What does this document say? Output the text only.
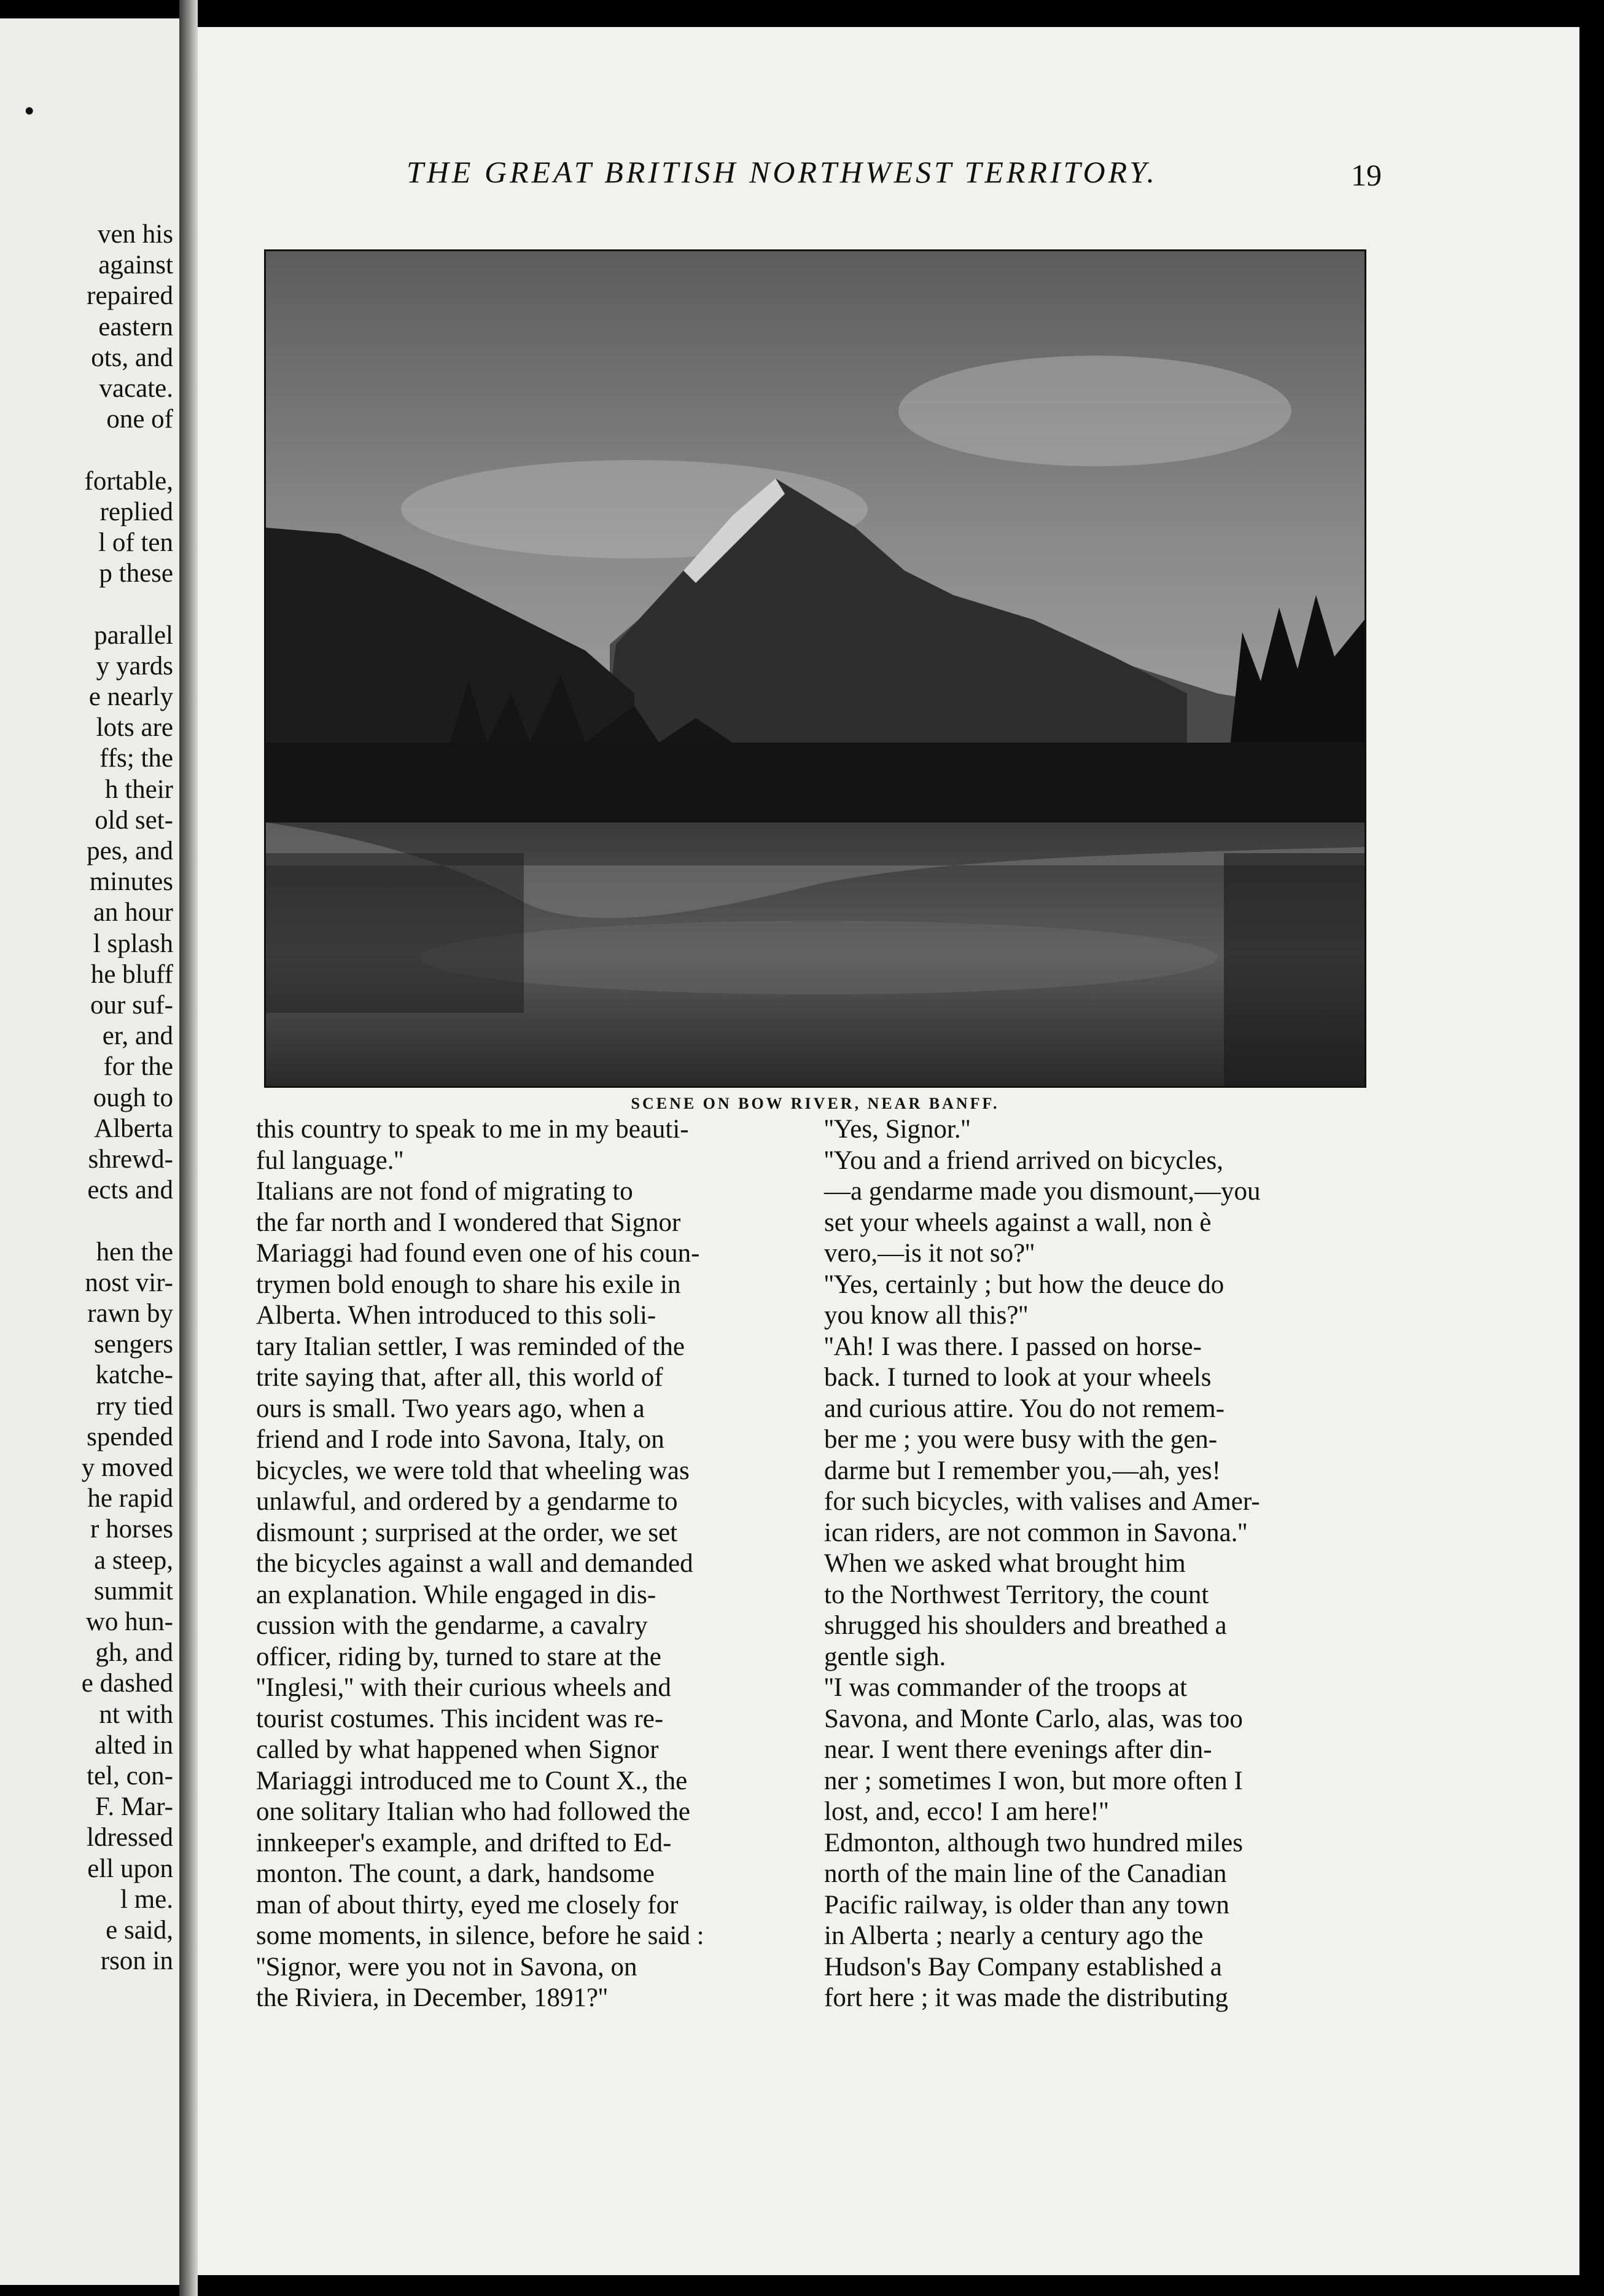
•
ven his
against
repaired
eastern
ots, and
vacate.
one of
fortable,
replied
l of ten
p these
parallel
y yards
e nearly
lots are
ffs; the
h their
old set-
pes, and
minutes
an hour
l splash
he bluff
our suf-
er, and
for the
ough to
Alberta
shrewd-
ects and
hen the
nost vir-
rawn by
sengers
katche-
rry tied
spended
y moved
he rapid
r horses
a steep,
summit
wo hun-
gh, and
e dashed
nt with
alted in
tel, con-
F. Mar-
ldressed
ell upon
l me.
e said,
rson in
THE GREAT BRITISH NORTHWEST TERRITORY.	19
SCENE ON BOW RIVER, NEAR BANFF.
this country to speak to me in my beauti-
ful language.''
Italians are not fond of migrating to
the far north and I wondered that Signor
Mariaggi had found even one of his coun-
trymen bold enough to share his exile in
Alberta. When introduced to this soli-
tary Italian settler, I was reminded of the
trite saying that, after all, this world of
ours is small. Two years ago, when a
friend and I rode into Savona, Italy, on
bicycles, we were told that wheeling was
unlawful, and ordered by a gendarme to
dismount ; surprised at the order, we set
the bicycles against a wall and demanded
an explanation. While engaged in dis-
cussion with the gendarme, a cavalry
officer, riding by, turned to stare at the
''Inglesi,'' with their curious wheels and
tourist costumes. This incident was re-
called by what happened when Signor
Mariaggi introduced me to Count X., the
one solitary Italian who had followed the
innkeeper's example, and drifted to Ed-
monton. The count, a dark, handsome
man of about thirty, eyed me closely for
some moments, in silence, before he said :
''Signor, were you not in Savona, on
the Riviera, in December, 1891?''
''Yes, Signor.''
''You and a friend arrived on bicycles,
—a gendarme made you dismount,—you
set your wheels against a wall, non è
vero,—is it not so?''
''Yes, certainly ; but how the deuce do
you know all this?''
''Ah! I was there. I passed on horse-
back. I turned to look at your wheels
and curious attire. You do not remem-
ber me ; you were busy with the gen-
darme but I remember you,—ah, yes!
for such bicycles, with valises and Amer-
ican riders, are not common in Savona.''
When we asked what brought him
to the Northwest Territory, the count
shrugged his shoulders and breathed a
gentle sigh.
''I was commander of the troops at
Savona, and Monte Carlo, alas, was too
near. I went there evenings after din-
ner ; sometimes I won, but more often I
lost, and, ecco! I am here!''
Edmonton, although two hundred miles
north of the main line of the Canadian
Pacific railway, is older than any town
in Alberta ; nearly a century ago the
Hudson's Bay Company established a
fort here ; it was made the distributing
